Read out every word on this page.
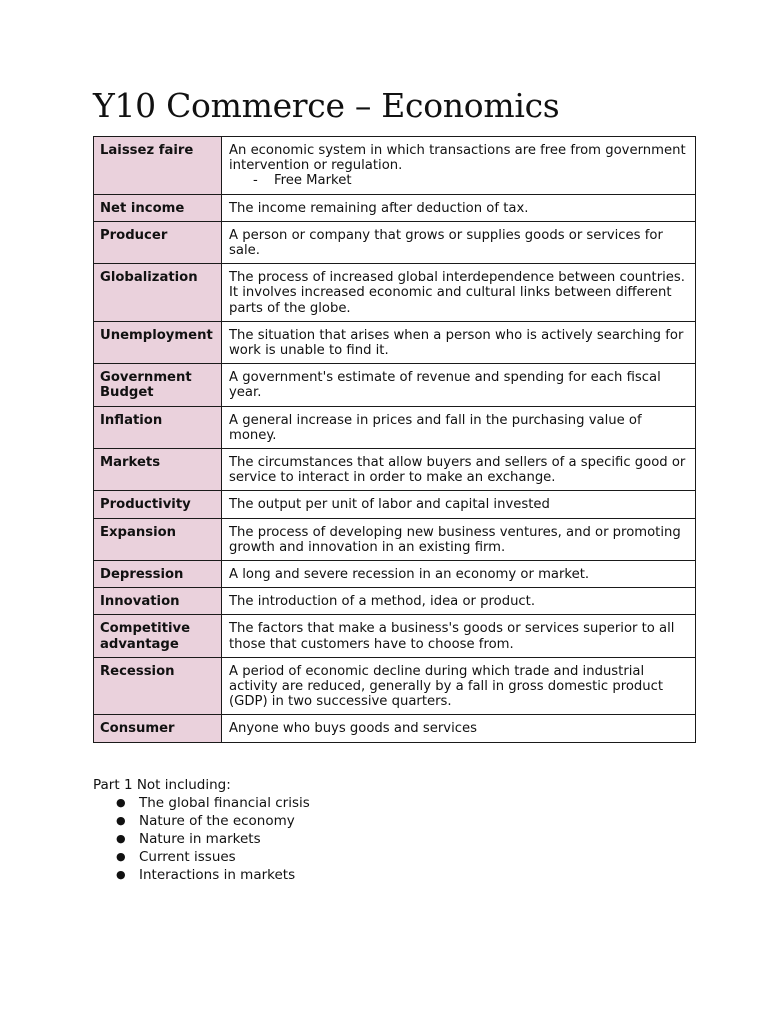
Y10 Commerce – Economics
Laissez faire	An economic system in which transactions are free from government intervention or regulation.
- Free Market

Net income	The income remaining after deduction of tax.
Producer	A person or company that grows or supplies goods or services for sale.
Globalization	The process of increased global interdependence between countries. It involves increased economic and cultural links between different parts of the globe.
Unemployment	The situation that arises when a person who is actively searching for work is unable to find it.
Government Budget	A government's estimate of revenue and spending for each fiscal year.
Inflation	A general increase in prices and fall in the purchasing value of money.
Markets	The circumstances that allow buyers and sellers of a specific good or service to interact in order to make an exchange.
Productivity	The output per unit of labor and capital invested
Expansion	The process of developing new business ventures, and or promoting growth and innovation in an existing firm.
Depression	A long and severe recession in an economy or market.
Innovation	The introduction of a method, idea or product.
Competitive advantage	The factors that make a business's goods or services superior to all those that customers have to choose from.
Recession	A period of economic decline during which trade and industrial activity are reduced, generally by a fall in gross domestic product (GDP) in two successive quarters.
Consumer	Anyone who buys goods and services
Part 1 Not including:
● The global financial crisis
● Nature of the economy
● Nature in markets
● Current issues
● Interactions in markets
